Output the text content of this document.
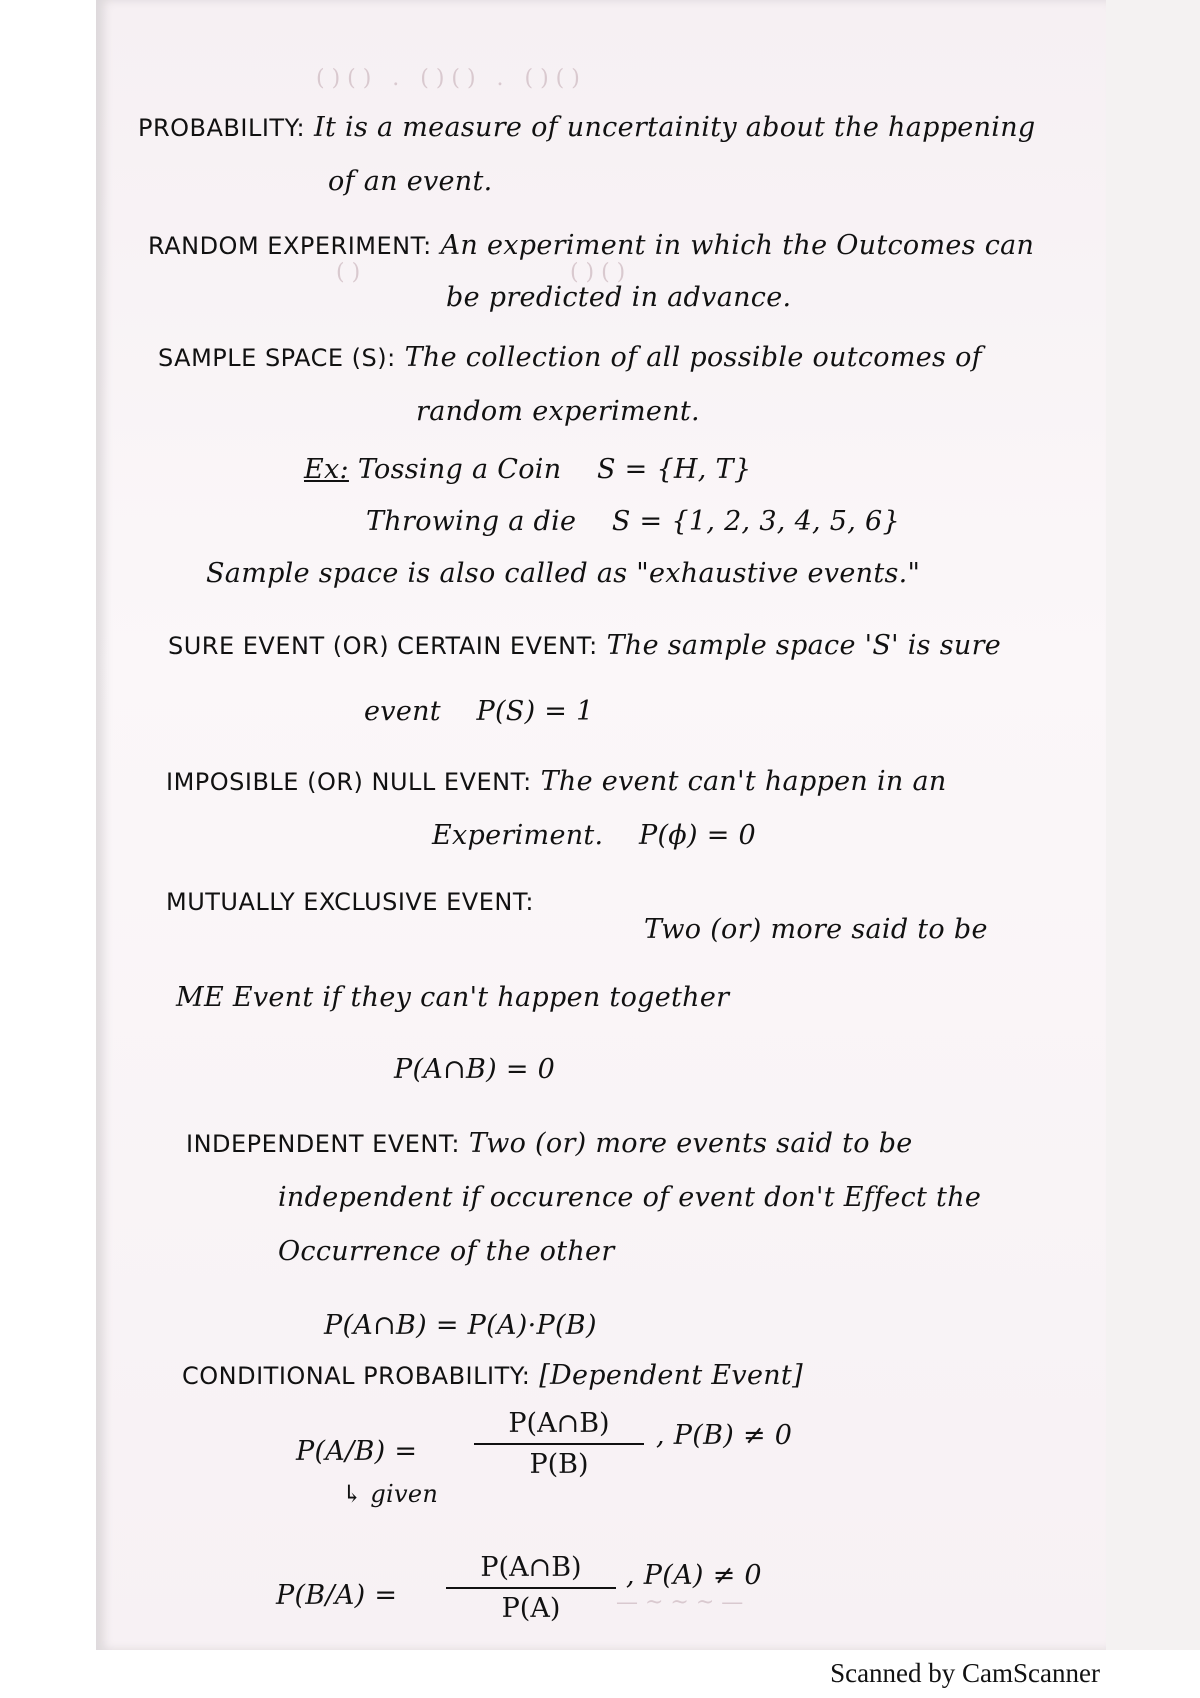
( ) ( )   .   ( ) ( )   .   ( ) ( )
( )                              ( ) ( )
— ~ ~ ~ —
PROBABILITY: It is a measure of uncertainity about the happening
of an event.
RANDOM EXPERIMENT: An experiment in which the Outcomes can
be predicted in advance.
SAMPLE SPACE (S): The collection of all possible outcomes of
random experiment.
Ex: Tossing a Coin S = {H, T}
Throwing a die S = {1, 2, 3, 4, 5, 6}
Sample space is also called as "exhaustive events."
SURE EVENT (OR) CERTAIN EVENT: The sample space 'S' is sure
event P(S) = 1
IMPOSIBLE (OR) NULL EVENT: The event can't happen in an
Experiment. P(ϕ) = 0
MUTUALLY EXCLUSIVE EVENT:
Two (or) more said to be
ME Event if they can't happen together
P(A∩B) = 0
INDEPENDENT EVENT: Two (or) more events said to be
independent if occurence of event don't Effect the
Occurrence of the other
P(A∩B) = P(A)·P(B)
CONDITIONAL PROBABILITY: [Dependent Event]
P(A/B) =
P(A∩B)
P(B)
, P(B) ≠ 0
↳ given
P(B/A) =
P(A∩B)
P(A)
, P(A) ≠ 0
Scanned by CamScanner
